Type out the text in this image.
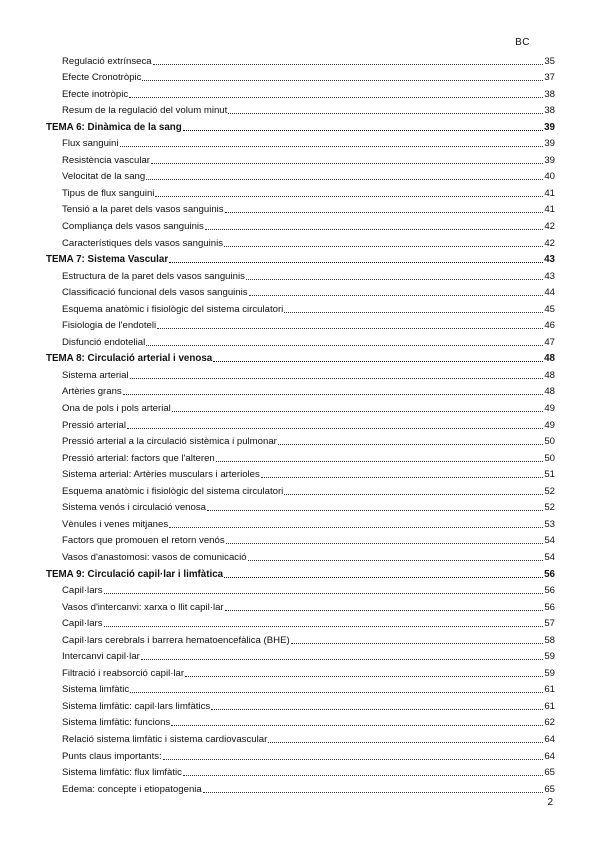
BC
Regulació extrínseca	35
Efecte Cronotròpic	37
Efecte inotròpic	38
Resum de la regulació del volum minut	38
TEMA 6: Dinàmica de la sang	39
Flux sanguini	39
Resistència vascular	39
Velocitat de la sang	40
Tipus de flux sanguini	41
Tensió a la paret dels vasos sanguinis	41
Compliança dels vasos sanguinis	42
Característiques dels vasos sanguinis	42
TEMA 7: Sistema Vascular	43
Estructura de la paret dels vasos sanguinis	43
Classificació funcional dels vasos sanguinis	44
Esquema anatòmic i fisiològic del sistema circulatori	45
Fisiologia de l'endoteli	46
Disfunció endotelial	47
TEMA 8: Circulació arterial i venosa	48
Sistema arterial	48
Artèries grans	48
Ona de pols i pols arterial	49
Pressió arterial	49
Pressió arterial a la circulació sistèmica i pulmonar	50
Pressió arterial: factors que l'alteren	50
Sistema arterial: Artèries musculars i arterioles	51
Esquema anatòmic i fisiològic del sistema circulatori	52
Sistema venós i circulació venosa	52
Vènules i venes mitjanes	53
Factors que promouen el retorn venós	54
Vasos d'anastomosi: vasos de comunicació	54
TEMA 9: Circulació capil·lar i limfàtica	56
Capil·lars	56
Vasos d'intercanvi: xarxa o llit capil·lar	56
Capil·lars	57
Capil·lars cerebrals i barrera hematoencefàlica (BHE)	58
Intercanvi capil·lar	59
Filtració i reabsorció capil·lar	59
Sistema limfàtic	61
Sistema limfàtic: capil·lars limfàtics	61
Sistema limfàtic: funcions	62
Relació sistema limfàtic i sistema cardiovascular	64
Punts claus importants:	64
Sistema limfàtic: flux limfàtic	65
Edema: concepte i etiopatogenia	65
2
